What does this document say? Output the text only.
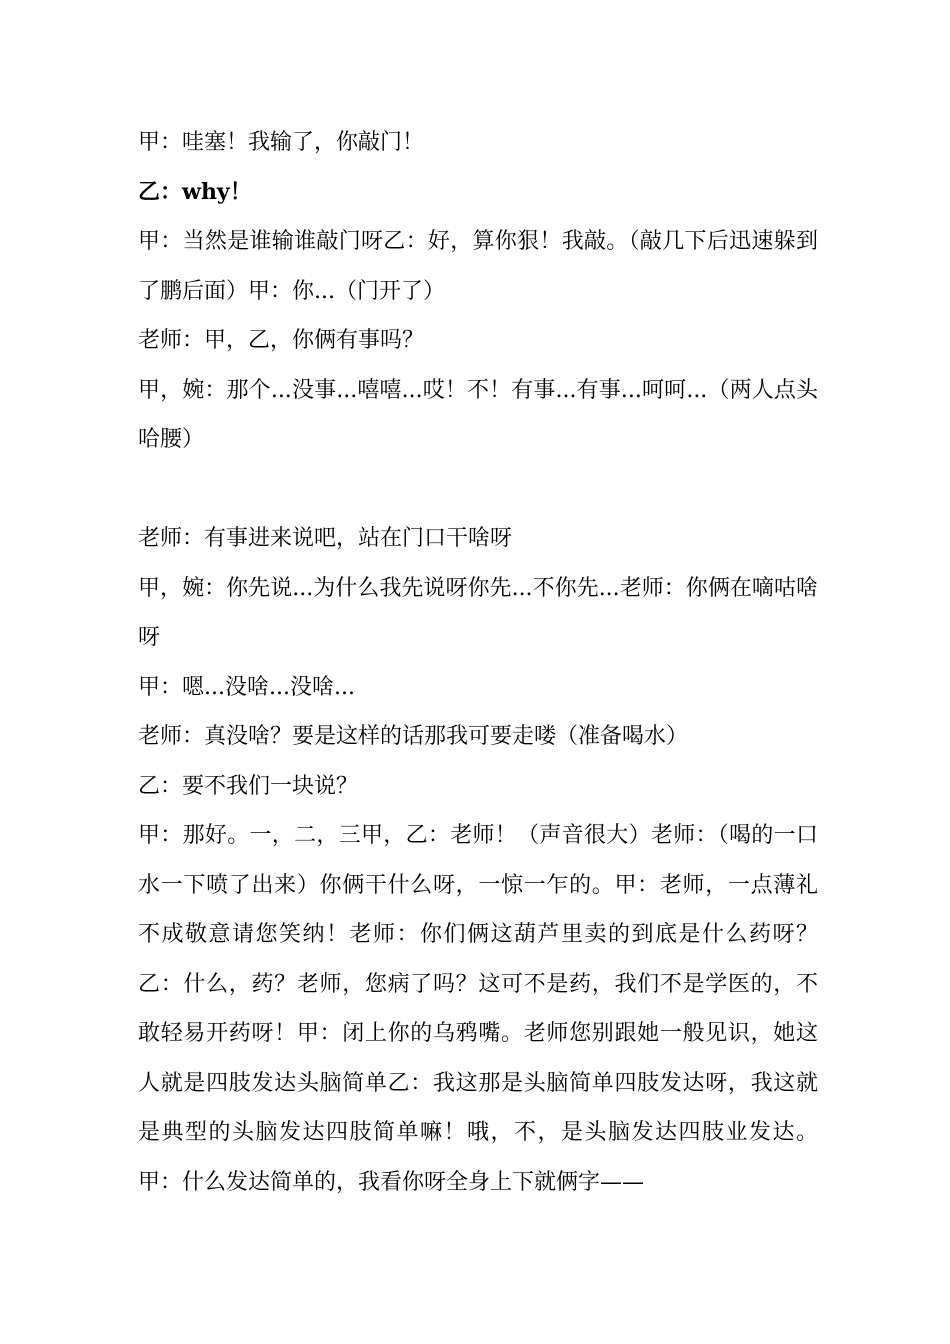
甲：哇塞！我输了，你敲门！

乙：why！

甲：当然是谁输谁敲门呀乙：好，算你狠！我敲。（敲几下后迅速躲到了鹏后面）甲：你...（门开了）

老师：甲，乙，你俩有事吗？

甲，婉：那个...没事...嘻嘻...哎！不！有事...有事...呵呵...（两人点头哈腰）

老师：有事进来说吧，站在门口干啥呀

甲，婉：你先说...为什么我先说呀你先...不你先...老师：你俩在嘀咕啥呀

甲：嗯...没啥...没啥...

老师：真没啥？要是这样的话那我可要走喽（准备喝水）

乙：要不我们一块说？

甲：那好。一，二，三甲，乙：老师！（声音很大）老师：（喝的一口水一下喷了出来）你俩干什么呀，一惊一乍的。甲：老师，一点薄礼不成敬意请您笑纳！老师：你们俩这葫芦里卖的到底是什么药呀？乙：什么，药？老师，您病了吗？这可不是药，我们不是学医的，不敢轻易开药呀！甲：闭上你的乌鸦嘴。老师您别跟她一般见识，她这人就是四肢发达头脑简单乙：我这那是头脑简单四肢发达呀，我这就是典型的头脑发达四肢简单嘛！哦，不，是头脑发达四肢业发达。甲：什么发达简单的，我看你呀全身上下就俩字——
